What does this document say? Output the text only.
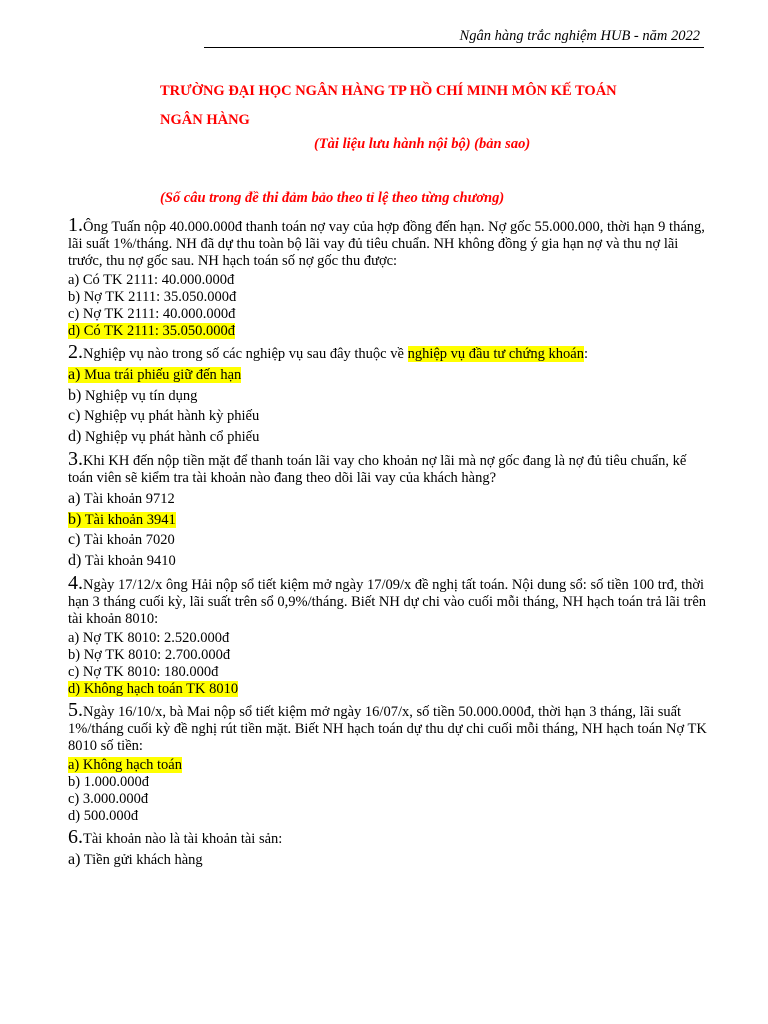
Ngân hàng trắc nghiệm HUB - năm 2022
TRƯỜNG ĐẠI HỌC NGÂN HÀNG TP HỒ CHÍ MINH MÔN KẾ TOÁN NGÂN HÀNG
(Tài liệu lưu hành nội bộ) (bản sao)
(Số câu trong đề thi đảm bảo theo tỉ lệ theo từng chương)
1.Ông Tuấn nộp 40.000.000đ thanh toán nợ vay của hợp đồng đến hạn. Nợ gốc 55.000.000, thời hạn 9 tháng, lãi suất 1%/tháng. NH đã dự thu toàn bộ lãi vay đủ tiêu chuẩn. NH không đồng ý gia hạn nợ và thu nợ lãi trước, thu nợ gốc sau. NH hạch toán số nợ gốc thu được:

a) Có TK 2111: 40.000.000đ

b) Nợ TK 2111: 35.050.000đ

c) Nợ TK 2111: 40.000.000đ

d) Có TK 2111: 35.050.000đ

2.Nghiệp vụ nào trong số các nghiệp vụ sau đây thuộc về nghiệp vụ đầu tư chứng khoán:

a) Mua trái phiếu giữ đến hạn

b) Nghiệp vụ tín dụng

c) Nghiệp vụ phát hành kỳ phiếu

d) Nghiệp vụ phát hành cổ phiếu

3.Khi KH đến nộp tiền mặt để thanh toán lãi vay cho khoản nợ lãi mà nợ gốc đang là nợ đủ tiêu chuẩn, kế toán viên sẽ kiểm tra tài khoản nào đang theo dõi lãi vay của khách hàng?

a) Tài khoản 9712

b) Tài khoản 3941

c) Tài khoản 7020

d) Tài khoản 9410

4.Ngày 17/12/x ông Hải nộp sổ tiết kiệm mở ngày 17/09/x đề nghị tất toán. Nội dung sổ: số tiền 100 trđ, thời hạn 3 tháng cuối kỳ, lãi suất trên sổ 0,9%/tháng. Biết NH dự chi vào cuối mỗi tháng, NH hạch toán trả lãi trên tài khoản 8010:

a) Nợ TK 8010: 2.520.000đ

b) Nợ TK 8010: 2.700.000đ

c) Nợ TK 8010: 180.000đ

d) Không hạch toán TK 8010

5.Ngày 16/10/x, bà Mai nộp sổ tiết kiệm mở ngày 16/07/x, số tiền 50.000.000đ, thời hạn 3 tháng, lãi suất 1%/tháng cuối kỳ đề nghị rút tiền mặt. Biết NH hạch toán dự thu dự chi cuối mỗi tháng, NH hạch toán Nợ TK 8010 số tiền:

a) Không hạch toán

b) 1.000.000đ

c) 3.000.000đ

d) 500.000đ

6.Tài khoản nào là tài khoản tài sản:

a) Tiền gửi khách hàng
